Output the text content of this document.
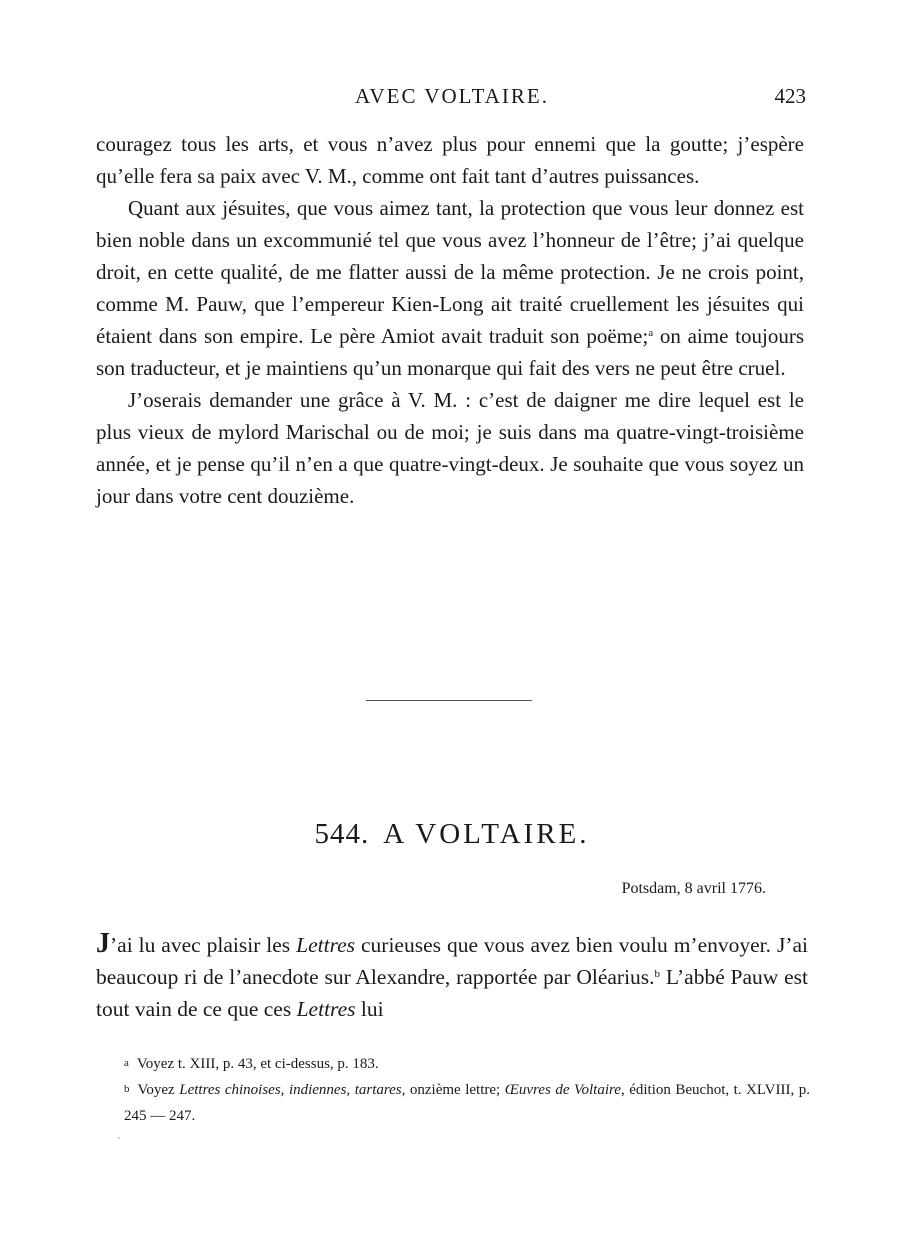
AVEC VOLTAIRE.	423

couragez tous les arts, et vous n’avez plus pour ennemi que la goutte; j’espère qu’elle fera sa paix avec V. M., comme ont fait tant d’autres puissances.

Quant aux jésuites, que vous aimez tant, la protection que vous leur donnez est bien noble dans un excommunié tel que vous avez l’honneur de l’être; j’ai quelque droit, en cette qualité, de me flatter aussi de la même protection. Je ne crois point, comme M. Pauw, que l’empereur Kien-Long ait traité cruellement les jésuites qui étaient dans son empire. Le père Amiot avait traduit son poëme;$^a$ on aime toujours son traducteur, et je maintiens qu’un monarque qui fait des vers ne peut être cruel.

J’oserais demander une grâce à V. M. : c’est de daigner me dire lequel est le plus vieux de mylord Marischal ou de moi; je suis dans ma quatre-vingt-troisième année, et je pense qu’il n’en a que quatre-vingt-deux. Je souhaite que vous soyez un jour dans votre cent douzième.

544. A VOLTAIRE.
Potsdam, 8 avril 1776.
J’ai lu avec plaisir les Lettres curieuses que vous avez bien voulu m’envoyer. J’ai beaucoup ri de l’anecdote sur Alexandre, rapportée par Oléarius.$^b$ L’abbé Pauw est tout vain de ce que ces Lettres lui
a Voyez t. XIII, p. 43, et ci-dessus, p. 183.
b Voyez Lettres chinoises, indiennes, tartares, onzième lettre; Œuvres de Voltaire, édition Beuchot, t. XLVIII, p. 245 — 247.
